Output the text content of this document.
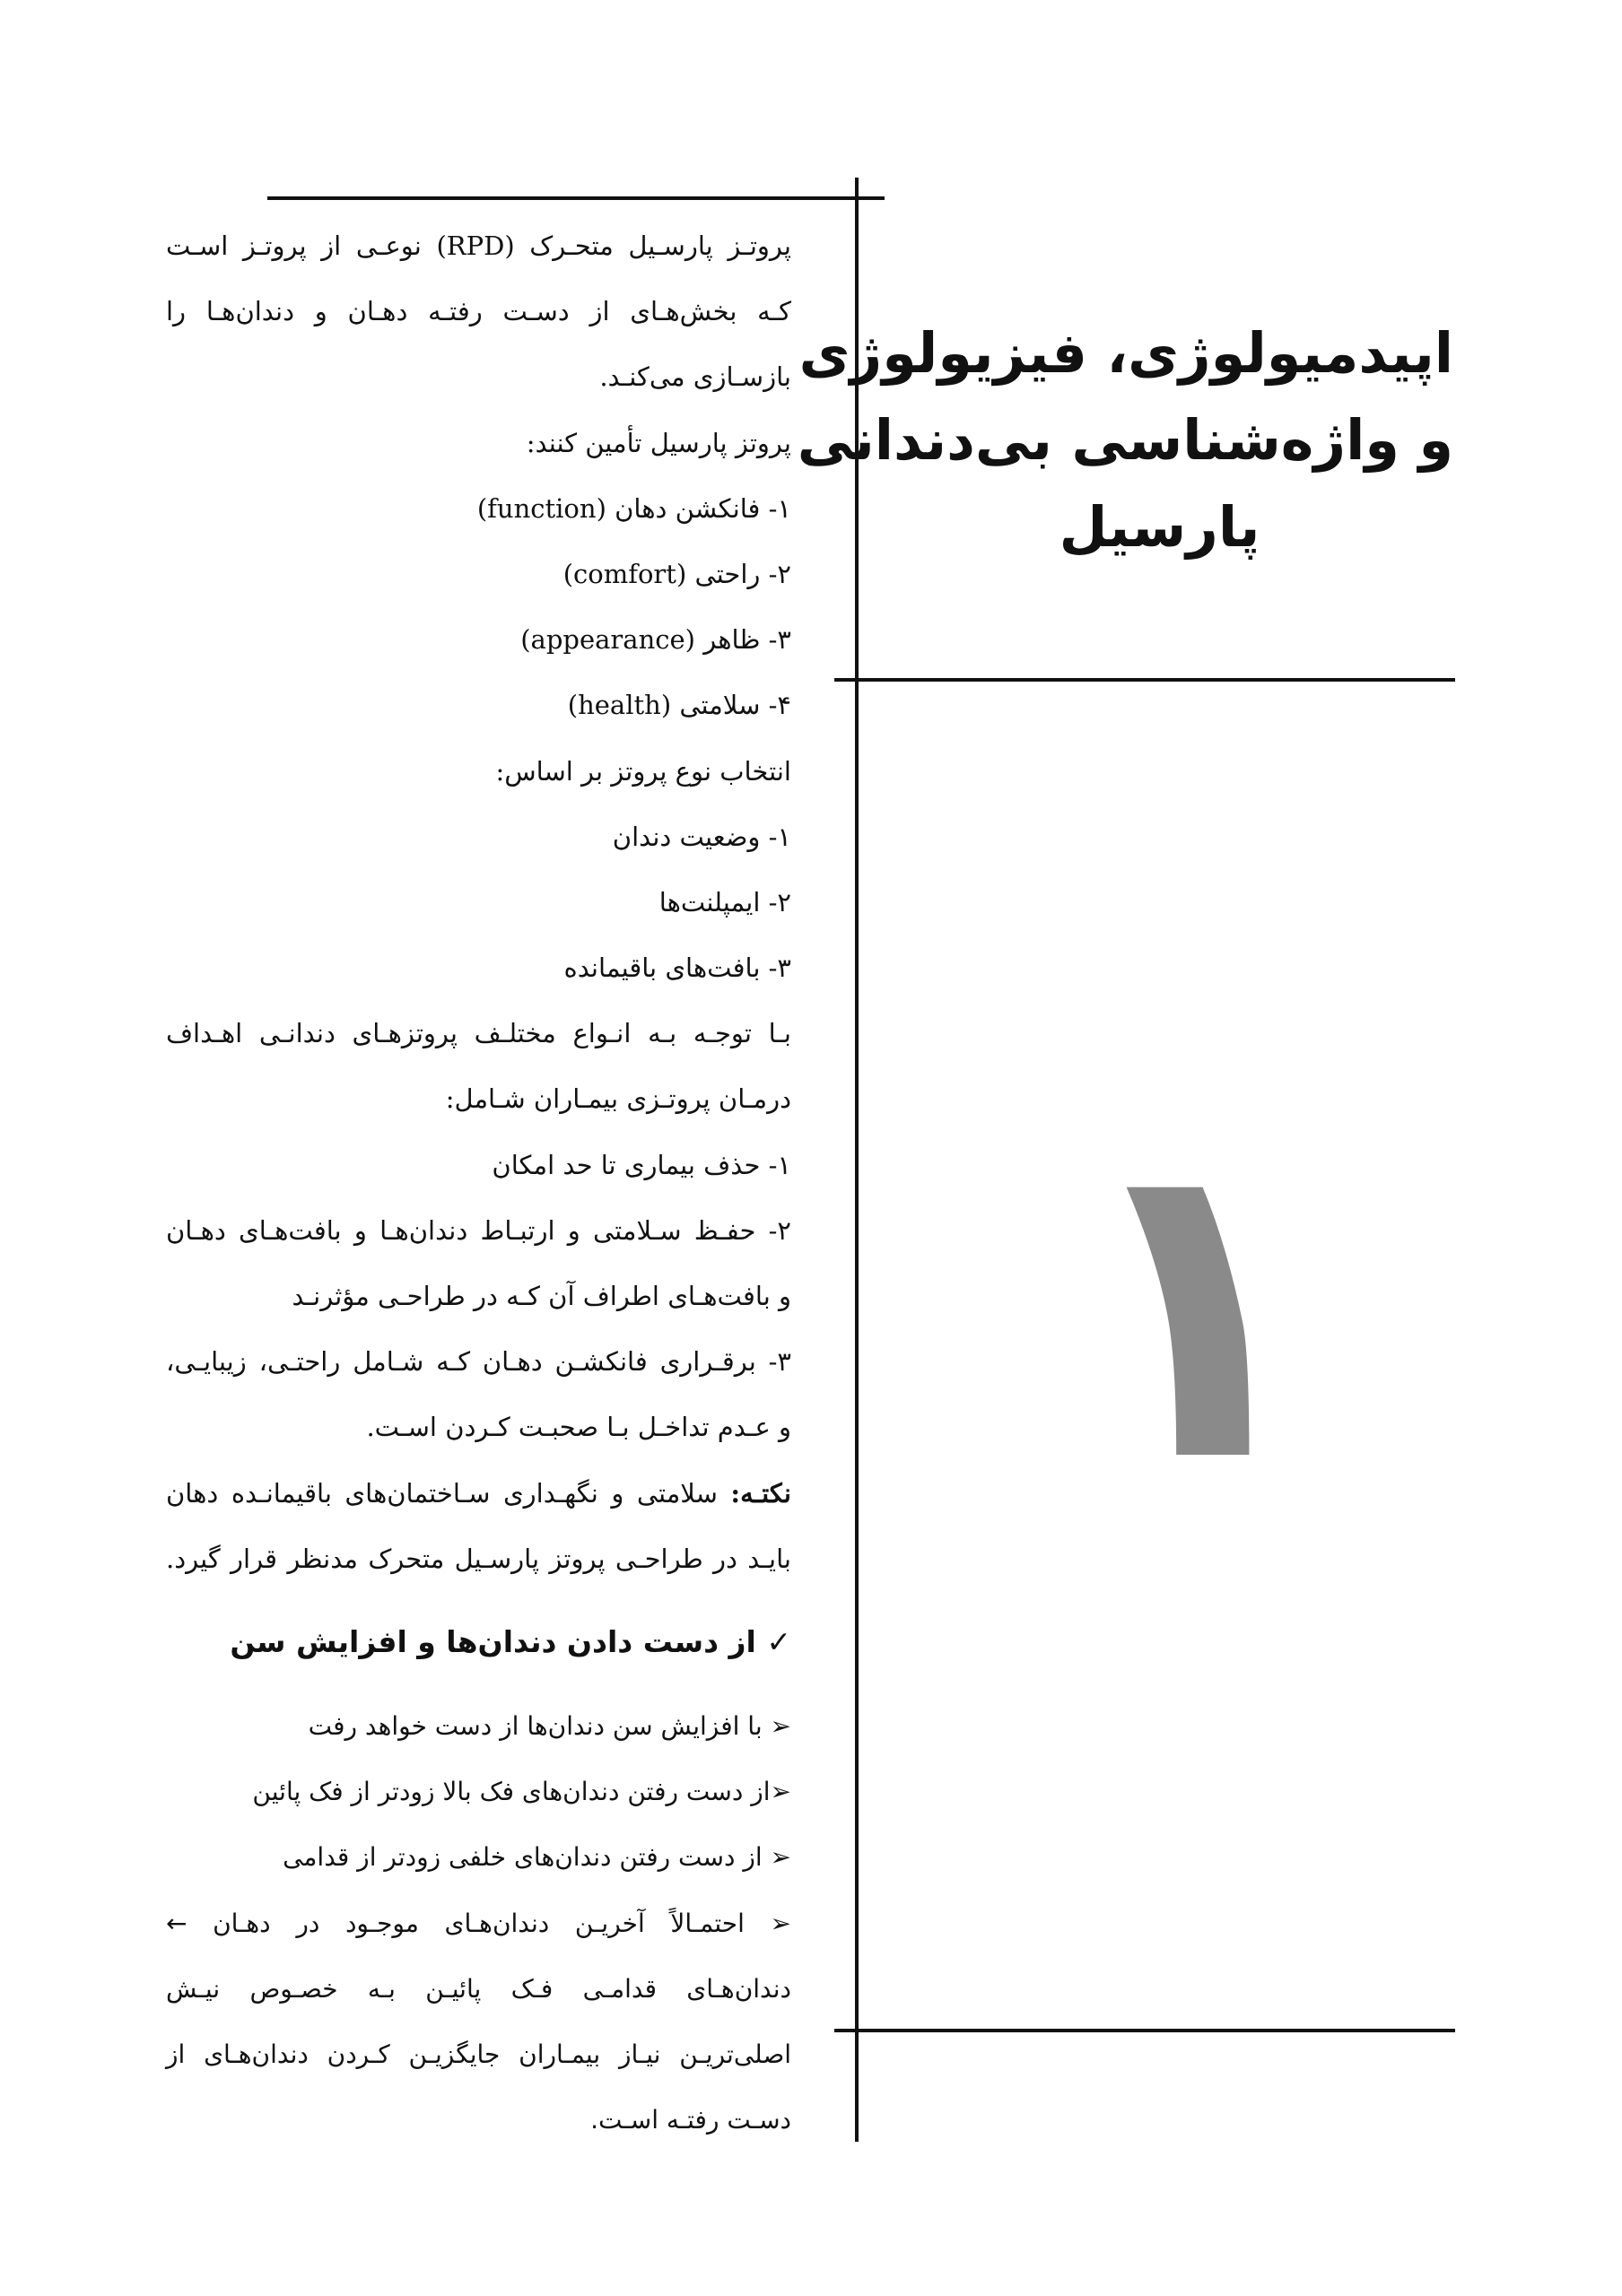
اپیدمیولوژی، فیزیولوژی
و واژه‌شناسی بی‌دندانی
پارسیل
۱
پروتـز پارسـیل متحـرک (RPD) نوعـی از پروتـز اسـت
کـه بخش‌هـای از دسـت رفتـه دهـان و دندان‌هـا را
بازسـازی می‌کنـد.
پروتز پارسیل تأمین کنند:
۱- فانکشن دهان (function)
۲- راحتی (comfort)
۳- ظاهر (appearance)
۴- سلامتی (health)
انتخاب نوع پروتز بر اساس:
۱- وضعیت دندان
۲- ایمپلنت‌ها
۳- بافت‌های باقیمانده
بـا توجـه بـه انـواع مختلـف پروتزهـای دندانـی اهـداف
درمـان پروتـزی بیمـاران شـامل:
۱- حذف بیماری تا حد امکان
۲- حفـظ سـلامتی و ارتبـاط دندان‌هـا و بافت‌هـای دهـان
و بافت‌هـای اطراف آن کـه در طراحـی مؤثرنـد
۳- برقـراری فانکشـن دهـان کـه شـامل راحتـی، زیبایـی،
و عـدم تداخـل بـا صحبـت کـردن اسـت.
نکتـه: سلامتی و نگهـداری سـاختمان‌های باقیمانـده دهان
بایـد در طراحـی پروتز پارسـیل متحرک مدنظر قرار گیرد.
✓ از دست دادن دندان‌ها و افزایش سن
➢ با افزایش سن دندان‌ها از دست خواهد رفت
➢از دست رفتن دندان‌های فک بالا زودتر از فک پائین
➢ از دست رفتن دندان‌های خلفی زودتر از قدامی
➢ احتمـالاً آخریـن دندان‌هـای موجـود در دهـان ←
دندان‌هـای قدامـی فـک پائیـن بـه خصـوص نیـش
اصلی‌تریـن نیـاز بیمـاران جایگزیـن کـردن دندان‌هـای از
دسـت رفتـه اسـت.
